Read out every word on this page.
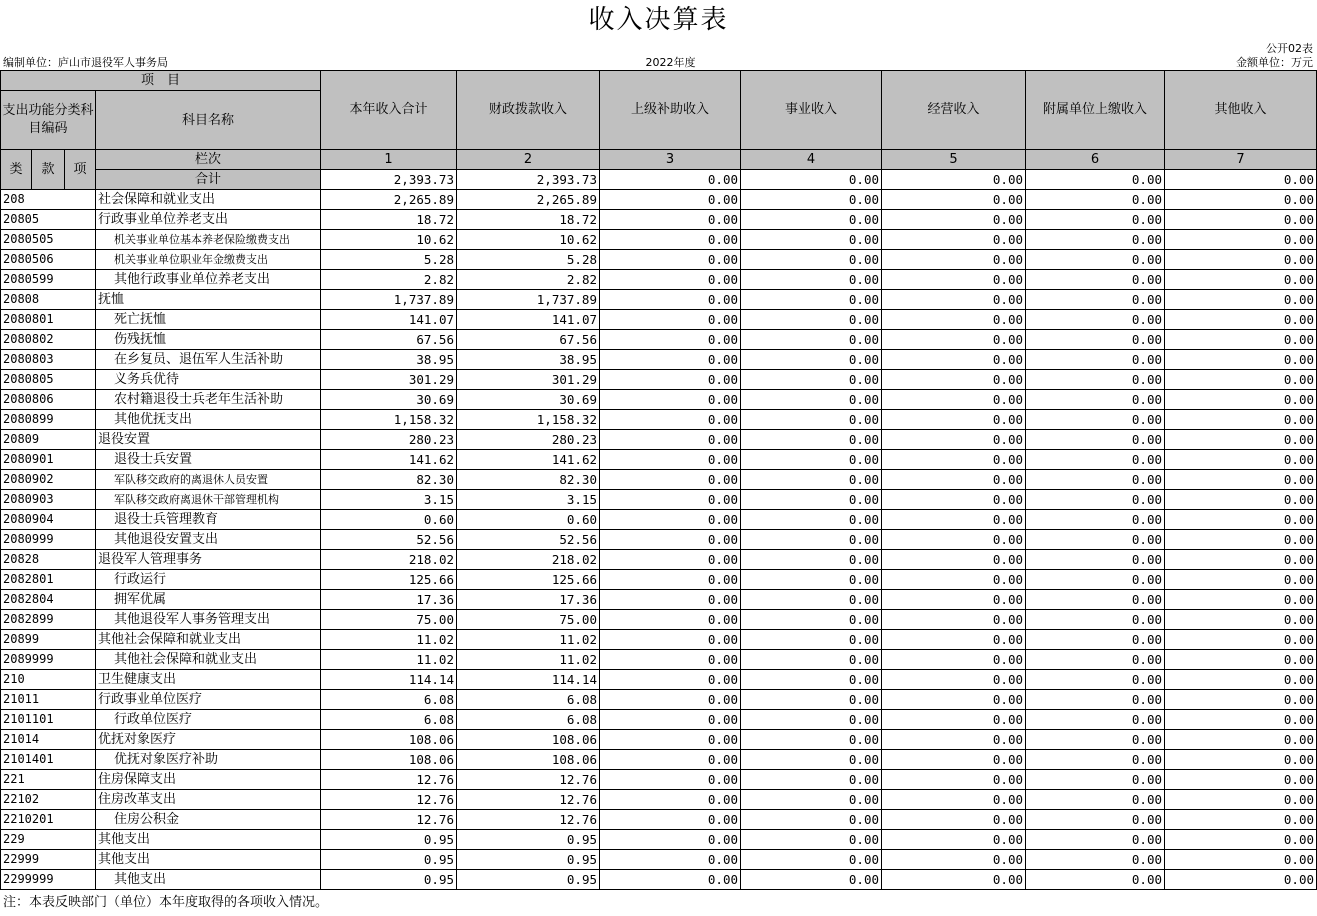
收入决算表
公开02表
编制单位：庐山市退役军人事务局	2022年度	金额单位：万元
项　目				本年收入合计	财政拨款收入	上级补助收入	事业收入	经营收入	附属单位上缴收入	其他收入
支出功能分类科目编码			科目名称							

类	款	项	栏次	1	2	3	4	5	6	7
			合计	2,393.73	2,393.73	0.00	0.00	0.00	0.00	0.00
208			社会保障和就业支出	2,265.89	2,265.89	0.00	0.00	0.00	0.00	0.00
20805			行政事业单位养老支出	18.72	18.72	0.00	0.00	0.00	0.00	0.00
2080505			机关事业单位基本养老保险缴费支出	10.62	10.62	0.00	0.00	0.00	0.00	0.00
2080506			机关事业单位职业年金缴费支出	5.28	5.28	0.00	0.00	0.00	0.00	0.00
2080599			其他行政事业单位养老支出	2.82	2.82	0.00	0.00	0.00	0.00	0.00
20808			抚恤	1,737.89	1,737.89	0.00	0.00	0.00	0.00	0.00
2080801			死亡抚恤	141.07	141.07	0.00	0.00	0.00	0.00	0.00
2080802			伤残抚恤	67.56	67.56	0.00	0.00	0.00	0.00	0.00
2080803			在乡复员、退伍军人生活补助	38.95	38.95	0.00	0.00	0.00	0.00	0.00
2080805			义务兵优待	301.29	301.29	0.00	0.00	0.00	0.00	0.00
2080806			农村籍退役士兵老年生活补助	30.69	30.69	0.00	0.00	0.00	0.00	0.00
2080899			其他优抚支出	1,158.32	1,158.32	0.00	0.00	0.00	0.00	0.00
20809			退役安置	280.23	280.23	0.00	0.00	0.00	0.00	0.00
2080901			退役士兵安置	141.62	141.62	0.00	0.00	0.00	0.00	0.00
2080902			军队移交政府的离退休人员安置	82.30	82.30	0.00	0.00	0.00	0.00	0.00
2080903			军队移交政府离退休干部管理机构	3.15	3.15	0.00	0.00	0.00	0.00	0.00
2080904			退役士兵管理教育	0.60	0.60	0.00	0.00	0.00	0.00	0.00
2080999			其他退役安置支出	52.56	52.56	0.00	0.00	0.00	0.00	0.00
20828			退役军人管理事务	218.02	218.02	0.00	0.00	0.00	0.00	0.00
2082801			行政运行	125.66	125.66	0.00	0.00	0.00	0.00	0.00
2082804			拥军优属	17.36	17.36	0.00	0.00	0.00	0.00	0.00
2082899			其他退役军人事务管理支出	75.00	75.00	0.00	0.00	0.00	0.00	0.00
20899			其他社会保障和就业支出	11.02	11.02	0.00	0.00	0.00	0.00	0.00
2089999			其他社会保障和就业支出	11.02	11.02	0.00	0.00	0.00	0.00	0.00
210			卫生健康支出	114.14	114.14	0.00	0.00	0.00	0.00	0.00
21011			行政事业单位医疗	6.08	6.08	0.00	0.00	0.00	0.00	0.00
2101101			行政单位医疗	6.08	6.08	0.00	0.00	0.00	0.00	0.00
21014			优抚对象医疗	108.06	108.06	0.00	0.00	0.00	0.00	0.00
2101401			优抚对象医疗补助	108.06	108.06	0.00	0.00	0.00	0.00	0.00
221			住房保障支出	12.76	12.76	0.00	0.00	0.00	0.00	0.00
22102			住房改革支出	12.76	12.76	0.00	0.00	0.00	0.00	0.00
2210201			住房公积金	12.76	12.76	0.00	0.00	0.00	0.00	0.00
229			其他支出	0.95	0.95	0.00	0.00	0.00	0.00	0.00
22999			其他支出	0.95	0.95	0.00	0.00	0.00	0.00	0.00
2299999			其他支出	0.95	0.95	0.00	0.00	0.00	0.00	0.00
注：本表反映部门（单位）本年度取得的各项收入情况。
